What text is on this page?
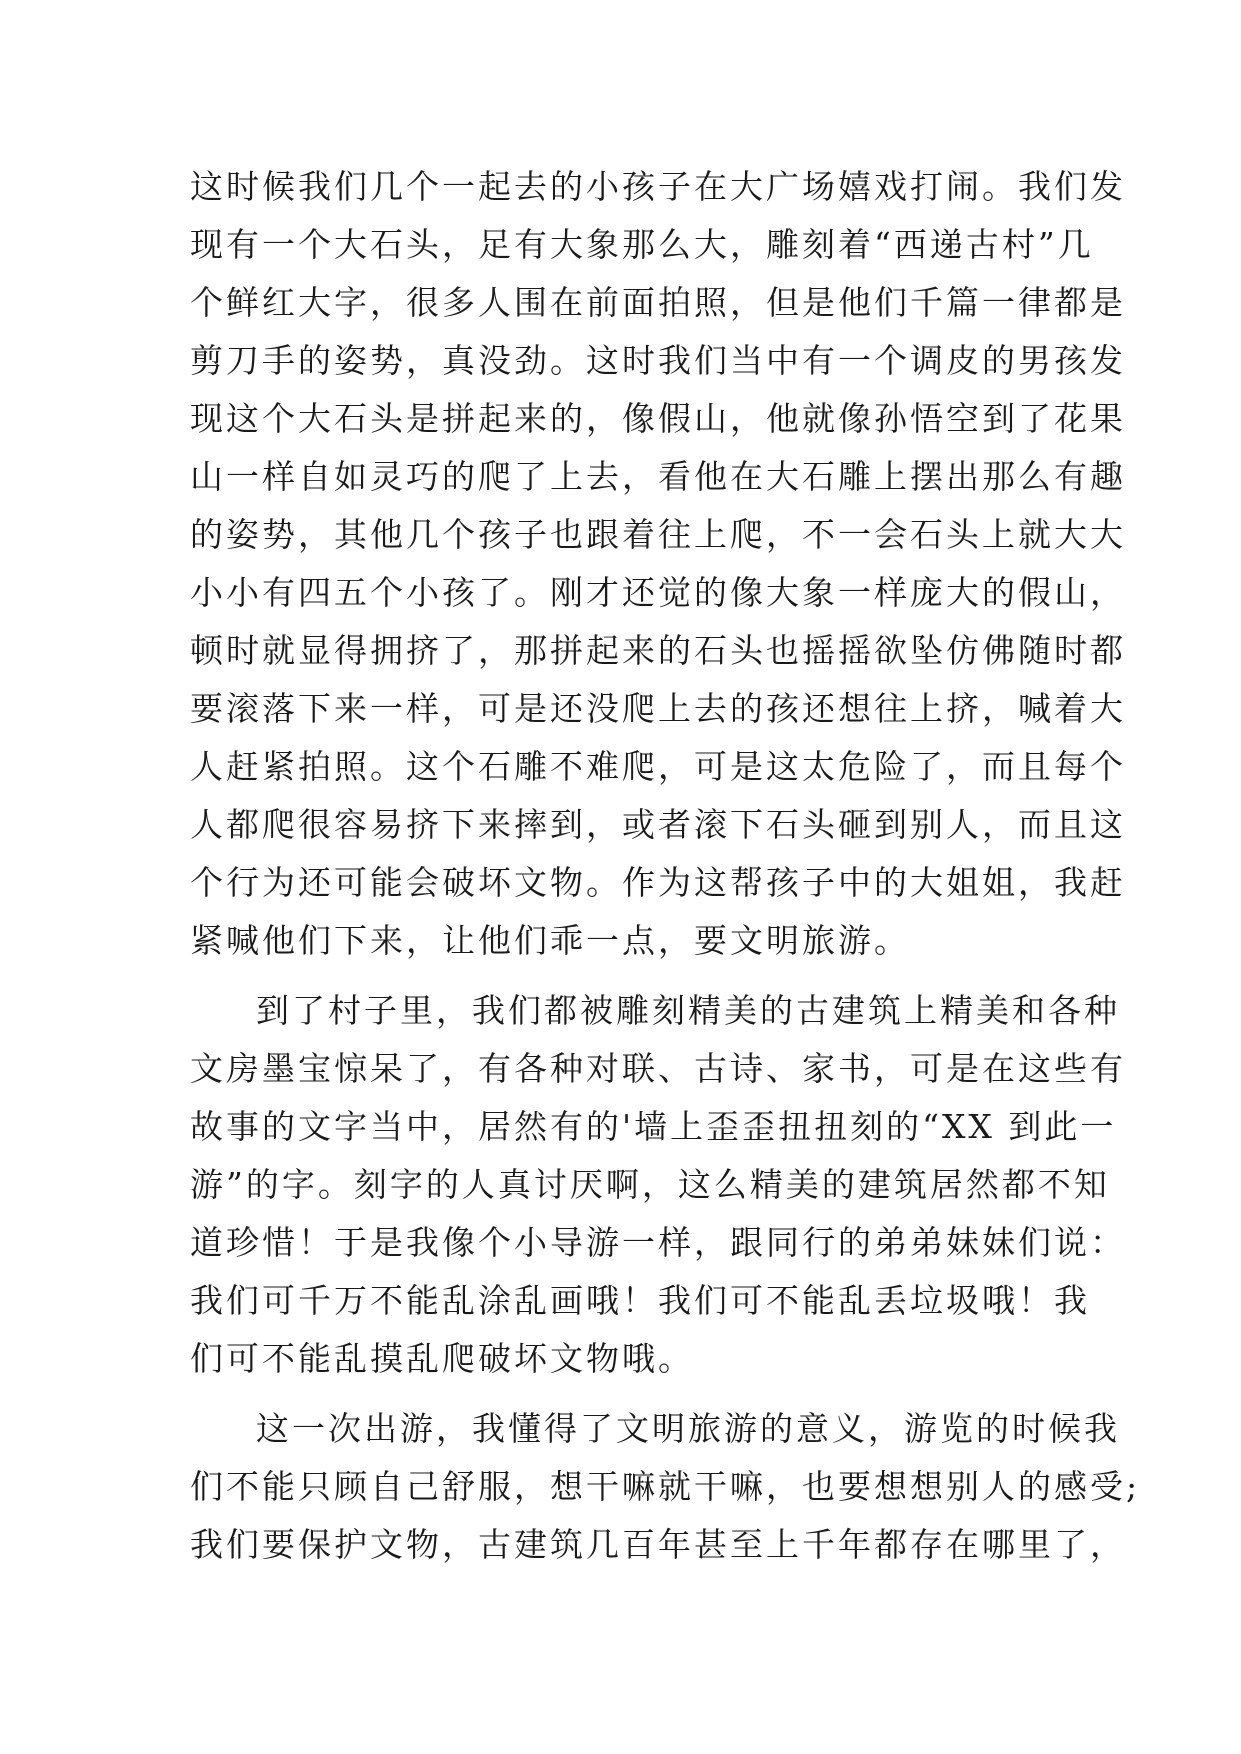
这时候我们几个一起去的小孩子在大广场嬉戏打闹。我们发
现有一个大石头，足有大象那么大，雕刻着“西递古村”几
个鲜红大字，很多人围在前面拍照，但是他们千篇一律都是
剪刀手的姿势，真没劲。这时我们当中有一个调皮的男孩发
现这个大石头是拼起来的，像假山，他就像孙悟空到了花果
山一样自如灵巧的爬了上去，看他在大石雕上摆出那么有趣
的姿势，其他几个孩子也跟着往上爬，不一会石头上就大大
小小有四五个小孩了。刚才还觉的像大象一样庞大的假山，
顿时就显得拥挤了，那拼起来的石头也摇摇欲坠仿佛随时都
要滚落下来一样，可是还没爬上去的孩还想往上挤，喊着大
人赶紧拍照。这个石雕不难爬，可是这太危险了，而且每个
人都爬很容易挤下来摔到，或者滚下石头砸到别人，而且这
个行为还可能会破坏文物。作为这帮孩子中的大姐姐，我赶
紧喊他们下来，让他们乖一点，要文明旅游。
到了村子里，我们都被雕刻精美的古建筑上精美和各种
文房墨宝惊呆了，有各种对联、古诗、家书，可是在这些有
故事的文字当中，居然有的'墙上歪歪扭扭刻的“XX 到此一
游”的字。刻字的人真讨厌啊，这么精美的建筑居然都不知
道珍惜！于是我像个小导游一样，跟同行的弟弟妹妹们说：
我们可千万不能乱涂乱画哦！我们可不能乱丢垃圾哦！我
们可不能乱摸乱爬破坏文物哦。
这一次出游，我懂得了文明旅游的意义，游览的时候我
们不能只顾自己舒服，想干嘛就干嘛，也要想想别人的感受;
我们要保护文物，古建筑几百年甚至上千年都存在哪里了，
